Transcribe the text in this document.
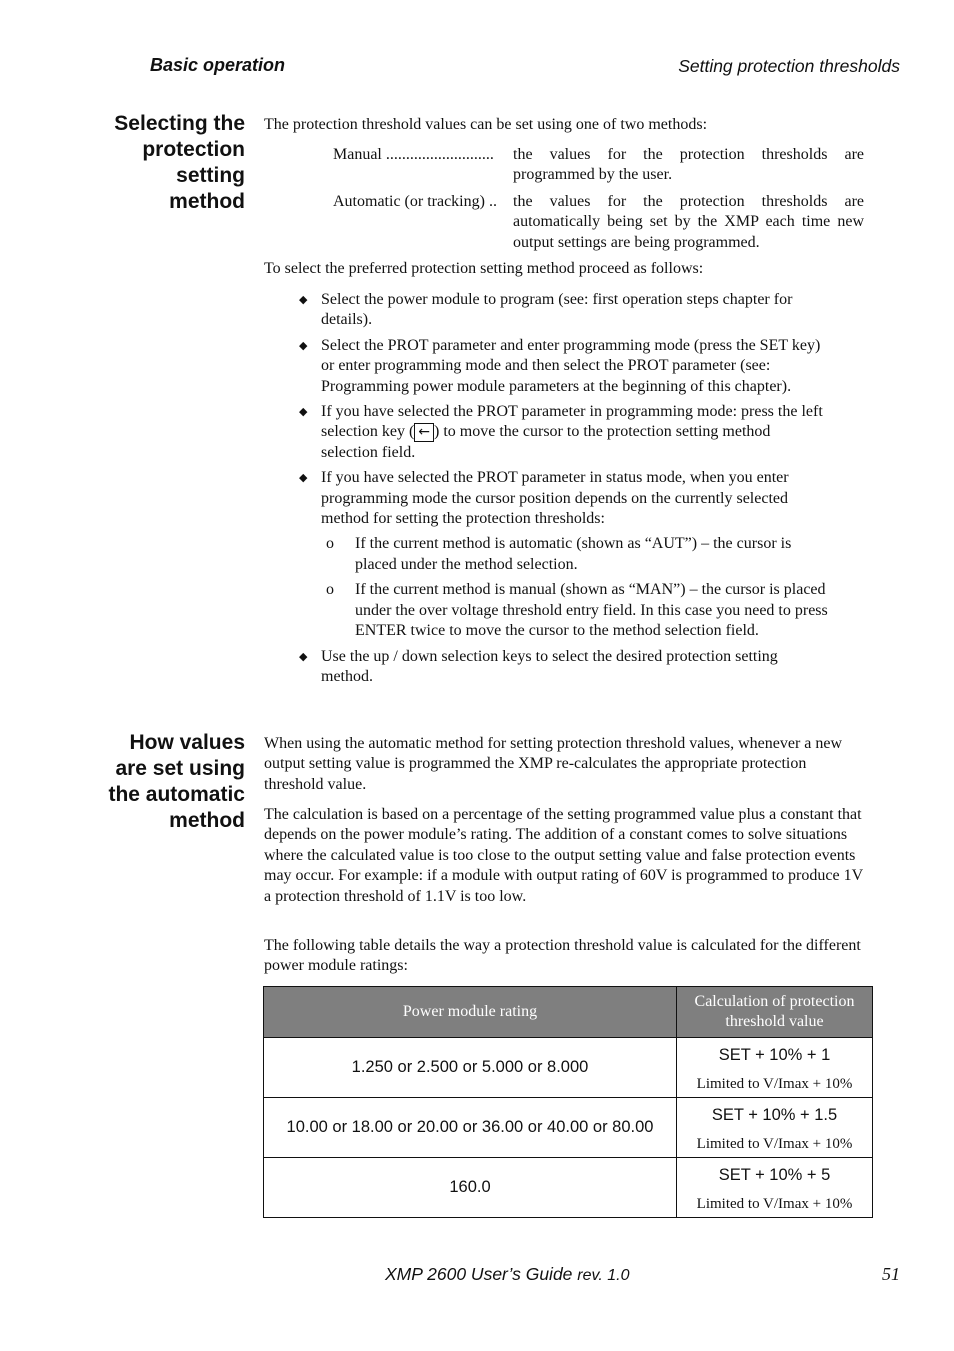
Basic operation	Setting protection thresholds
Selecting the
protection
setting
method

The protection threshold values can be set using one of two methods:

Manual ........................... the values for the protection thresholds are programmed by the user.
Automatic (or tracking) .. the values for the protection thresholds are automatically being set by the XMP each time new output settings are being programmed.

To select the preferred protection setting method proceed as follows:

◆ Select the power module to program (see: first operation steps chapter for details).
◆ Select the PROT parameter and enter programming mode (press the SET key) or enter programming mode and then select the PROT parameter (see: Programming power module parameters at the beginning of this chapter).
◆ If you have selected the PROT parameter in programming mode: press the left selection key ( ← ) to move the cursor to the protection setting method selection field.
◆ If you have selected the PROT parameter in status mode, when you enter programming mode the cursor position depends on the currently selected method for setting the protection thresholds:
o If the current method is automatic (shown as “AUT”) – the cursor is placed under the method selection.
o If the current method is manual (shown as “MAN”) – the cursor is placed under the over voltage threshold entry field. In this case you need to press ENTER twice to move the cursor to the method selection field.
◆ Use the up / down selection keys to select the desired protection setting method.
How values
are set using
the automatic
method

When using the automatic method for setting protection threshold values, whenever a new output setting value is programmed the XMP re-calculates the appropriate protection threshold value.

The calculation is based on a percentage of the setting programmed value plus a constant that depends on the power module’s rating. The addition of a constant comes to solve situations where the calculated value is too close to the output setting value and false protection events may occur. For example: if a module with output rating of 60V is programmed to produce 1V a protection threshold of 1.1V is too low.

The following table details the way a protection threshold value is calculated for the different power module ratings:

Power module rating	Calculation of protection threshold value
1.250 or 2.500 or 5.000 or 8.000	SET + 10% + 1
Limited to V/Imax + 10%

10.00 or 18.00 or 20.00 or 36.00 or 40.00 or 80.00	SET + 10% + 1.5
Limited to V/Imax + 10%

160.0	SET + 10% + 5
Limited to V/Imax + 10%
XMP 2600 User’s Guide rev. 1.0	51
